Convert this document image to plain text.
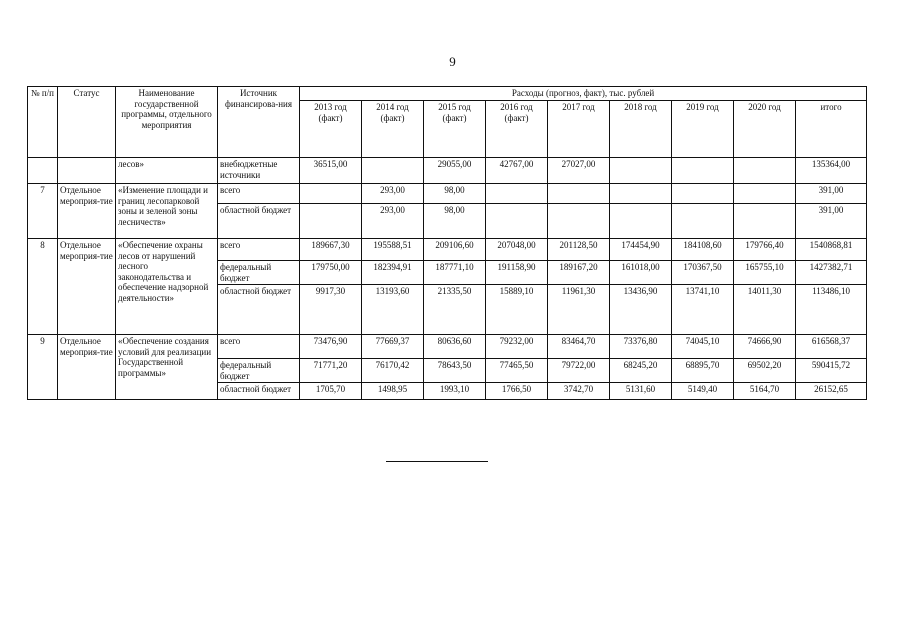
9
№ п/п	Статус	Наименование государственной программы, отдельного мероприятия	Источник финансирова-ния	Расходы (прогноз, факт), тыс. рублей								
				2013 год (факт)	2014 год (факт)	2015 год (факт)	2016 год (факт)	2017 год	2018 год	2019 год	2020 год	итого
		лесов»	внебюджетные источники	36515,00		29055,00	42767,00	27027,00				135364,00
7	Отдельное мероприя-тие	«Изменение площади и границ лесопарковой зоны и зеленой зоны лесничеств»	всего		293,00	98,00						391,00
			областной бюджет		293,00	98,00						391,00
8	Отдельное мероприя-тие	«Обеспечение охраны лесов от нарушений лесного законодательства и обеспечение надзорной деятельности»	всего	189667,30	195588,51	209106,60	207048,00	201128,50	174454,90	184108,60	179766,40	1540868,81
			федеральный бюджет	179750,00	182394,91	187771,10	191158,90	189167,20	161018,00	170367,50	165755,10	1427382,71
			областной бюджет	9917,30	13193,60	21335,50	15889,10	11961,30	13436,90	13741,10	14011,30	113486,10
9	Отдельное мероприя-тие	«Обеспечение создания условий для реализации Государственной программы»	всего	73476,90	77669,37	80636,60	79232,00	83464,70	73376,80	74045,10	74666,90	616568,37
			федеральный бюджет	71771,20	76170,42	78643,50	77465,50	79722,00	68245,20	68895,70	69502,20	590415,72
			областной бюджет	1705,70	1498,95	1993,10	1766,50	3742,70	5131,60	5149,40	5164,70	26152,65
